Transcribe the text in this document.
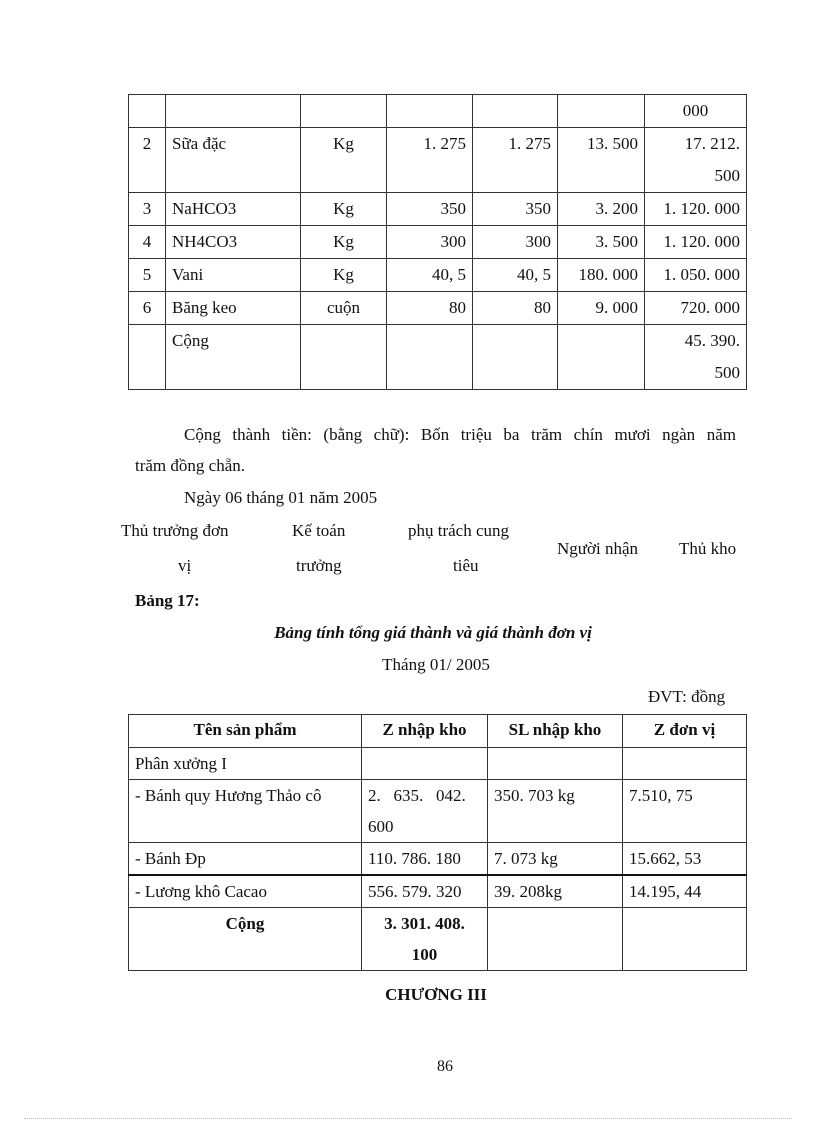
						000
2	Sữa đặc	Kg	1. 275	1. 275	13. 500	17. 212.
500

3	NaHCO3	Kg	350	350	3. 200	1. 120. 000
4	NH4CO3	Kg	300	300	3. 500	1. 120. 000
5	Vani	Kg	40, 5	40, 5	180. 000	1. 050. 000
6	Băng keo	cuộn	80	80	9. 000	720. 000
	Cộng					45. 390.
500
Cộng thành tiền: (bằng chữ): Bốn triệu ba trăm chín mươi ngàn năm
trăm đồng chẵn.
Ngày 06 tháng 01 năm 2005
Thủ trưởng đơn
vị
Kế toán
trưởng
phụ trách cung
tiêu
Người nhận Thủ kho
Bảng 17:
Bảng tính tổng giá thành và giá thành đơn vị
Tháng 01/ 2005
ĐVT: đồng
Tên sản phẩm	Z nhập kho	SL nhập kho	Z đơn vị
Phân xưởng I			
- Bánh quy Hương Thảo cô	2.   635.   042.
600	350. 703 kg	7.510, 75
- Bánh Đp	110. 786. 180	7. 073 kg	15.662, 53
- Lương khô Cacao	556. 579. 320	39. 208kg	14.195, 44
Cộng	3. 301. 408.
100		

CHƯƠNG III
86
